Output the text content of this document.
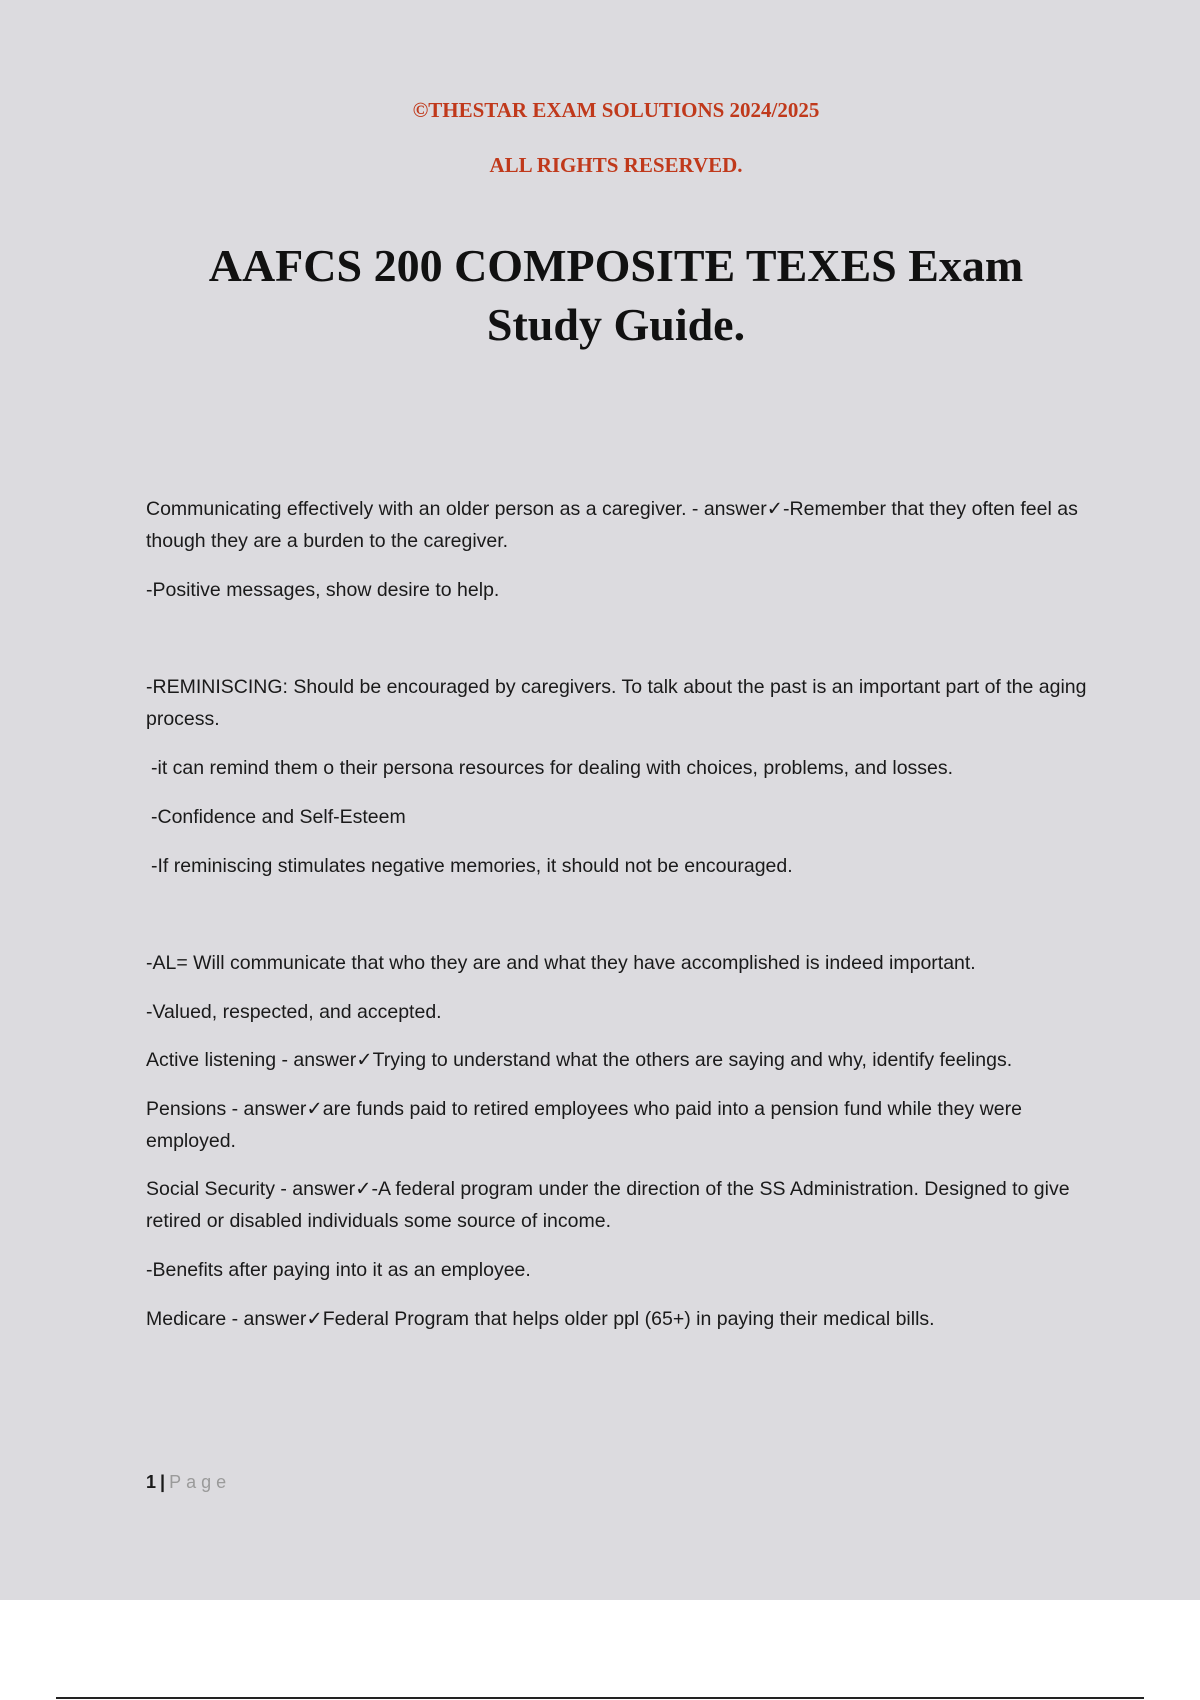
©THESTAR EXAM SOLUTIONS 2024/2025

ALL RIGHTS RESERVED.

AAFCS 200 COMPOSITE TEXES Exam
Study Guide.

Communicating effectively with an older person as a caregiver. - answer✓-Remember that they often feel as though they are a burden to the caregiver.

-Positive messages, show desire to help.

-REMINISCING: Should be encouraged by caregivers. To talk about the past is an important part of the aging process.

-it can remind them o their persona resources for dealing with choices, problems, and losses.

-Confidence and Self-Esteem

-If reminiscing stimulates negative memories, it should not be encouraged.

-AL= Will communicate that who they are and what they have accomplished is indeed important.

-Valued, respected, and accepted.

Active listening - answer✓Trying to understand what the others are saying and why, identify feelings.

Pensions - answer✓are funds paid to retired employees who paid into a pension fund while they were employed.

Social Security - answer✓-A federal program under the direction of the SS Administration. Designed to give retired or disabled individuals some source of income.

-Benefits after paying into it as an employee.

Medicare - answer✓Federal Program that helps older ppl (65+) in paying their medical bills.

1 | Page
